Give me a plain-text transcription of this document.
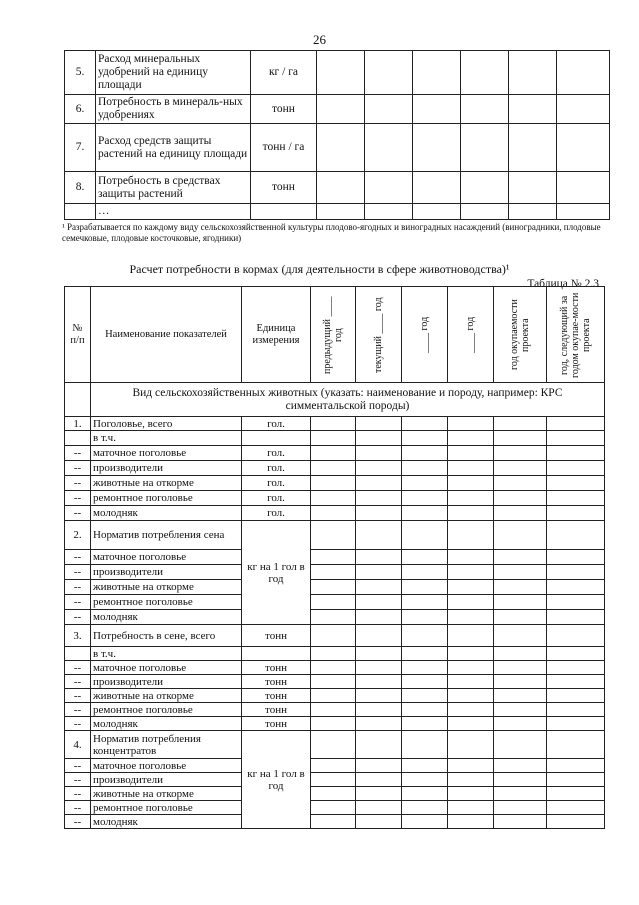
26
5.	Расход минеральных удобрений на единицу площади	кг / га						
6.	Потребность в минераль-ных удобрениях	тонн						
7.	Расход средств защиты растений на единицу площади	тонн / га						
8.	Потребность в средствах защиты растений	тонн						
	…							
¹ Разрабатывается по каждому виду сельскохозяйственной культуры плодово-ягодных и виноградных насаждений (виноградники, плодовые семечковые, плодовые косточковые, ягодники)
Расчет потребности в кормах (для деятельности в сфере животноводства)¹
Таблица № 2.3
№ п/п	Наименование показателей	Единица измерения	предыдущий ____ год	текущий ____ год	____ год	____ год	год окупаемости проекта	год, следующий за годом окупае-мости проекта

	Вид сельскохозяйственных животных (указать: наименование и породу, например: КРС симментальской породы)							
1.	Поголовье, всего	гол.						
	в т.ч.							
--	маточное поголовье	гол.						
--	производители	гол.						
--	животные на откорме	гол.						
--	ремонтное поголовье	гол.						
--	молодняк	гол.						
2.	Норматив потребления сена	кг на 1 гол в год						
--	маточное поголовье							
--	производители							
--	животные на откорме							
--	ремонтное поголовье							
--	молодняк							
3.	Потребность в сене, всего	тонн						
	в т.ч.							
--	маточное поголовье	тонн						
--	производители	тонн						
--	животные на откорме	тонн						
--	ремонтное поголовье	тонн						
--	молодняк	тонн						
4.	Норматив потребления концентратов	кг на 1 гол в год						
--	маточное поголовье							
--	производители							
--	животные на откорме							
--	ремонтное поголовье							
--	молодняк							
